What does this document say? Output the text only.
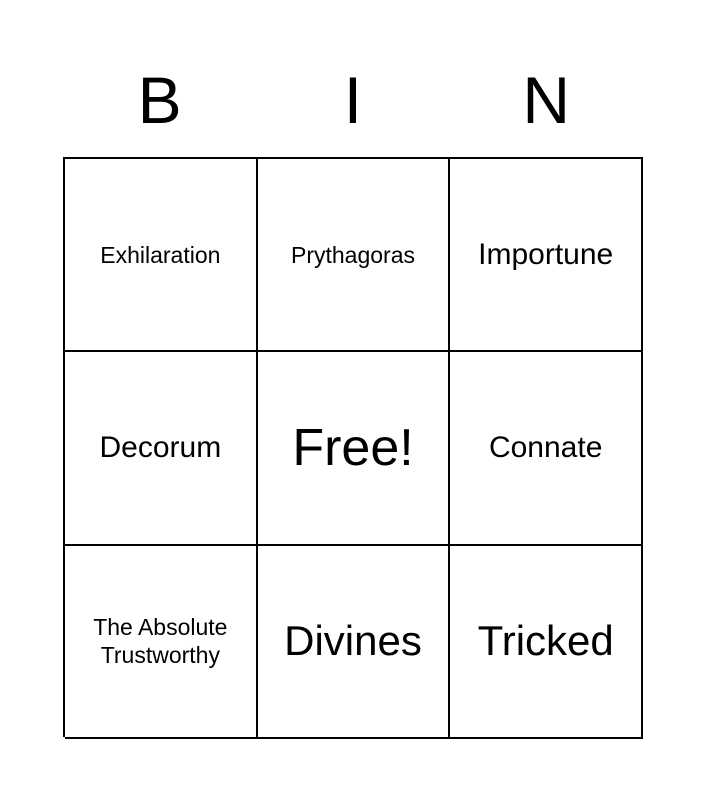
B	I	N
Exhilaration	Prythagoras	Importune
Decorum	Free!	Connate
The Absolute Trustworthy	Divines	Tricked
